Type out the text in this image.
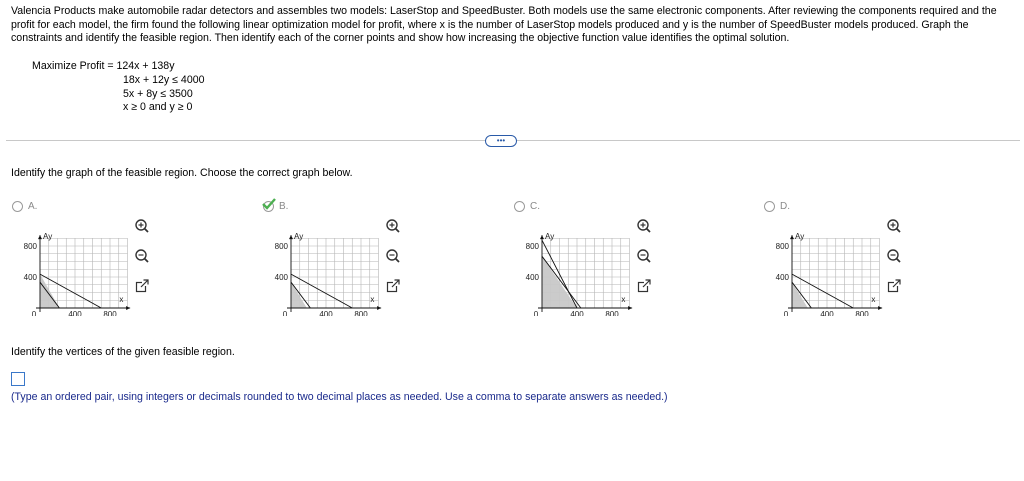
Valencia Products make automobile radar detectors and assembles two models: LaserStop and SpeedBuster. Both models use the same electronic components. After reviewing the components required and the profit for each model, the firm found the following linear optimization model for profit, where x is the number of LaserStop models produced and y is the number of SpeedBuster models produced. Graph the constraints and identify the feasible region. Then identify each of the corner points and show how increasing the objective function value identifies the optimal solution.
Maximize Profit = 124x + 138y
18x + 12y ≤ 4000
5x + 8y ≤ 3500
x ≥ 0 and y ≥ 0
•••
Identify the graph of the feasible region. Choose the correct graph below.
A.
Ay
x
800
400
0	400	800
B.
Ay
x
800
400
0	400	800
C.
Ay
x
800
400
0	400	800
D.
Ay
x
800
400
0	400	800
Identify the vertices of the given feasible region.
(Type an ordered pair, using integers or decimals rounded to two decimal places as needed. Use a comma to separate answers as needed.)
